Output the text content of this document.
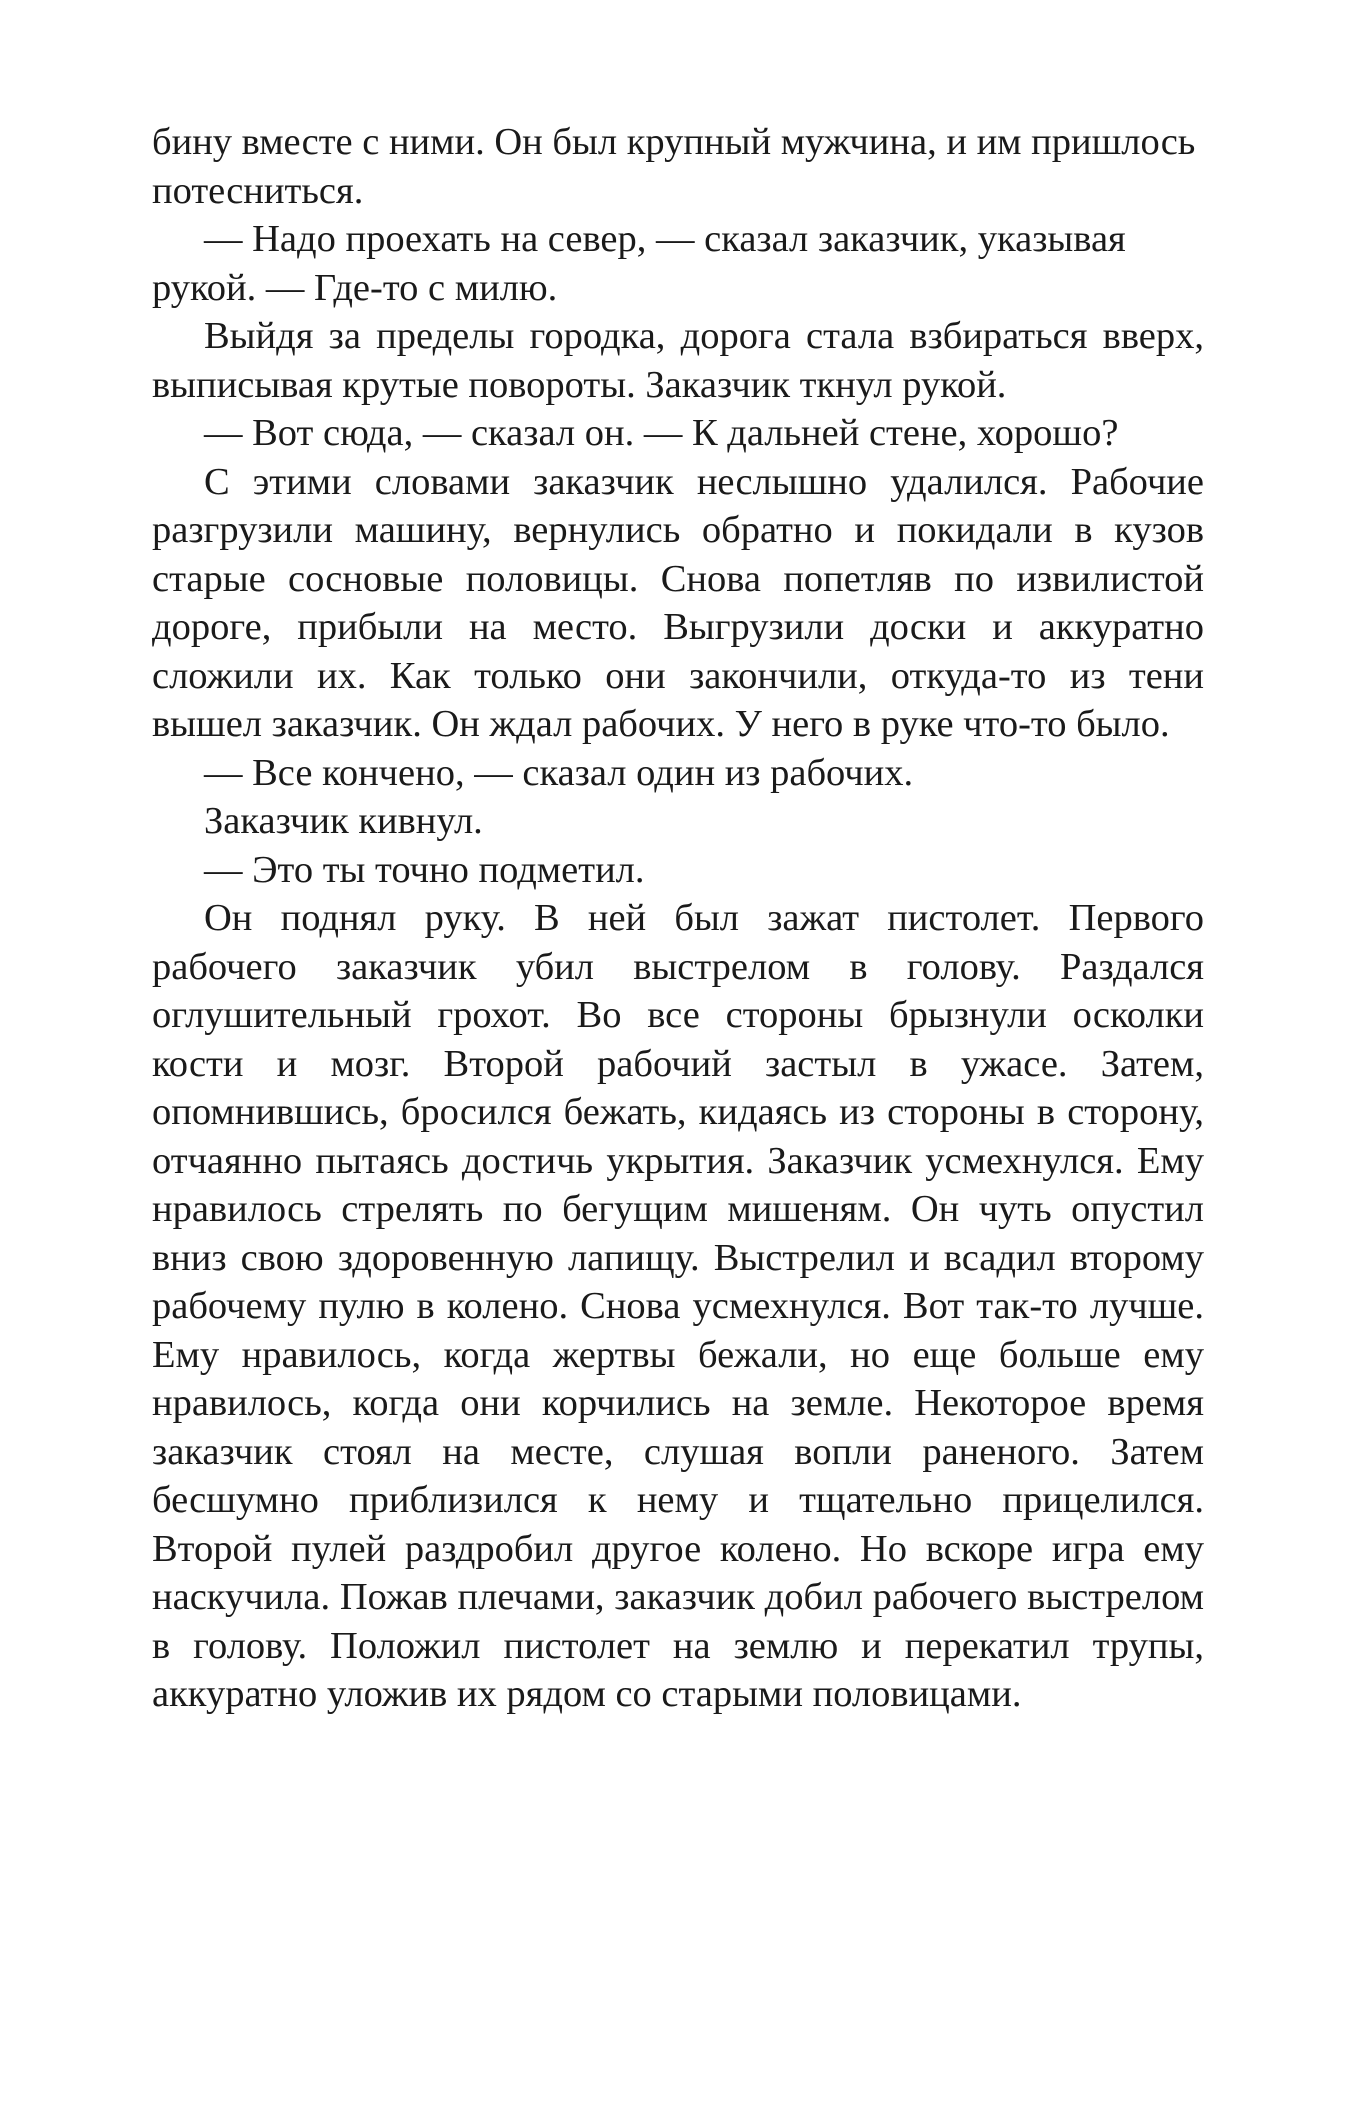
бину вместе с ними. Он был крупный мужчина, и им пришлось потесниться.

— Надо проехать на север, — сказал заказчик, указывая рукой. — Где-то с милю.

Выйдя за пределы городка, дорога стала взбираться вверх, выписывая крутые повороты. Заказчик ткнул рукой.

— Вот сюда, — сказал он. — К дальней стене, хорошо?

С этими словами заказчик неслышно удалился. Рабочие разгрузили машину, вернулись обратно и покидали в кузов старые сосновые половицы. Снова попетляв по извилистой дороге, прибыли на место. Выгрузили доски и аккуратно сложили их. Как только они закончили, откуда-то из тени вышел заказчик. Он ждал рабочих. У него в руке что-то было.

— Все кончено, — сказал один из рабочих.

Заказчик кивнул.

— Это ты точно подметил.

Он поднял руку. В ней был зажат пистолет. Первого рабочего заказчик убил выстрелом в голову. Раздался оглушительный грохот. Во все стороны брызнули осколки кости и мозг. Второй рабочий застыл в ужасе. Затем, опомнившись, бросился бежать, кидаясь из стороны в сторону, отчаянно пытаясь достичь укрытия. Заказчик усмехнулся. Ему нравилось стрелять по бегущим мишеням. Он чуть опустил вниз свою здоровенную лапищу. Выстрелил и всадил второму рабочему пулю в колено. Снова усмехнулся. Вот так-то лучше. Ему нравилось, когда жертвы бежали, но еще больше ему нравилось, когда они корчились на земле. Некоторое время заказчик стоял на месте, слушая вопли раненого. Затем бесшумно приблизился к нему и тщательно прицелился. Второй пулей раздробил другое колено. Но вскоре игра ему наскучила. Пожав плечами, заказчик добил рабочего выстрелом в голову. Положил пистолет на землю и перекатил трупы, аккуратно уложив их рядом со старыми половицами.
